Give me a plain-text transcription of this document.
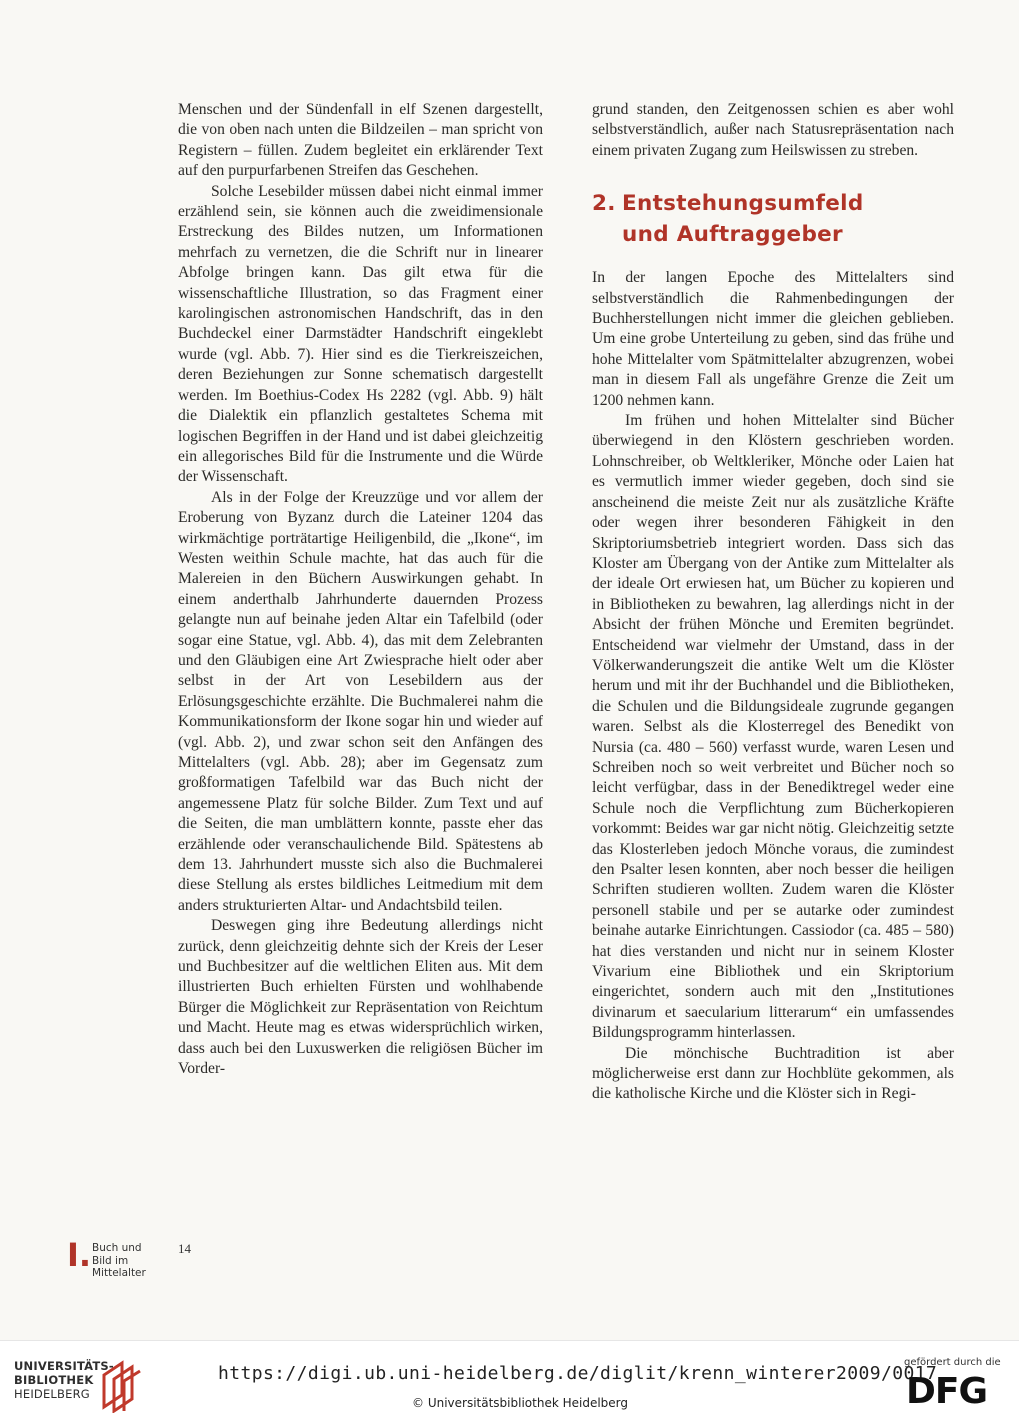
Menschen und der Sündenfall in elf Szenen dargestellt, die von oben nach unten die Bildzeilen – man spricht von Registern – füllen. Zudem begleitet ein erklärender Text auf den purpurfarbenen Streifen das Geschehen.

Solche Lesebilder müssen dabei nicht einmal immer erzählend sein, sie können auch die zweidimensionale Erstreckung des Bildes nutzen, um Informationen mehrfach zu vernetzen, die die Schrift nur in linearer Abfolge bringen kann. Das gilt etwa für die wissenschaftliche Illustration, so das Fragment einer karolingischen astronomischen Handschrift, das in den Buchdeckel einer Darmstädter Handschrift eingeklebt wurde (vgl. Abb. 7). Hier sind es die Tierkreiszeichen, deren Beziehungen zur Sonne schematisch dargestellt werden. Im Boethius-Codex Hs 2282 (vgl. Abb. 9) hält die Dialektik ein pflanzlich gestaltetes Schema mit logischen Begriffen in der Hand und ist dabei gleichzeitig ein allegorisches Bild für die Instrumente und die Würde der Wissenschaft.

Als in der Folge der Kreuzzüge und vor allem der Eroberung von Byzanz durch die Lateiner 1204 das wirkmächtige porträtartige Heiligenbild, die „Ikone“, im Westen weithin Schule machte, hat das auch für die Malereien in den Büchern Auswirkungen gehabt. In einem anderthalb Jahrhunderte dauernden Prozess gelangte nun auf beinahe jeden Altar ein Tafelbild (oder sogar eine Statue, vgl. Abb. 4), das mit dem Zelebranten und den Gläubigen eine Art Zwiesprache hielt oder aber selbst in der Art von Lesebildern aus der Erlösungsgeschichte erzählte. Die Buchmalerei nahm die Kommunikationsform der Ikone sogar hin und wieder auf (vgl. Abb. 2), und zwar schon seit den Anfängen des Mittelalters (vgl. Abb. 28); aber im Gegensatz zum großformatigen Tafelbild war das Buch nicht der angemessene Platz für solche Bilder. Zum Text und auf die Seiten, die man umblättern konnte, passte eher das erzählende oder veranschaulichende Bild. Spätestens ab dem 13. Jahrhundert musste sich also die Buchmalerei diese Stellung als erstes bildliches Leitmedium mit dem anders strukturierten Altar- und Andachtsbild teilen.

Deswegen ging ihre Bedeutung allerdings nicht zurück, denn gleichzeitig dehnte sich der Kreis der Leser und Buchbesitzer auf die weltlichen Eliten aus. Mit dem illustrierten Buch erhielten Fürsten und wohlhabende Bürger die Möglichkeit zur Repräsentation von Reichtum und Macht. Heute mag es etwas widersprüchlich wirken, dass auch bei den Luxuswerken die religiösen Bücher im Vorder-

grund standen, den Zeitgenossen schien es aber wohl selbstverständlich, außer nach Statusrepräsentation nach einem privaten Zugang zum Heilswissen zu streben.

2. Entstehungsumfeld
und Auftraggeber

In der langen Epoche des Mittelalters sind selbstverständlich die Rahmenbedingungen der Buchherstellungen nicht immer die gleichen geblieben. Um eine grobe Unterteilung zu geben, sind das frühe und hohe Mittelalter vom Spätmittelalter abzugrenzen, wobei man in diesem Fall als ungefähre Grenze die Zeit um 1200 nehmen kann.

Im frühen und hohen Mittelalter sind Bücher überwiegend in den Klöstern geschrieben worden. Lohnschreiber, ob Weltkleriker, Mönche oder Laien hat es vermutlich immer wieder gegeben, doch sind sie anscheinend die meiste Zeit nur als zusätzliche Kräfte oder wegen ihrer besonderen Fähigkeit in den Skriptoriumsbetrieb integriert worden. Dass sich das Kloster am Übergang von der Antike zum Mittelalter als der ideale Ort erwiesen hat, um Bücher zu kopieren und in Bibliotheken zu bewahren, lag allerdings nicht in der Absicht der frühen Mönche und Eremiten begründet. Entscheidend war vielmehr der Umstand, dass in der Völkerwanderungszeit die antike Welt um die Klöster herum und mit ihr der Buchhandel und die Bibliotheken, die Schulen und die Bildungsideale zugrunde gegangen waren. Selbst als die Klosterregel des Benedikt von Nursia (ca. 480 – 560) verfasst wurde, waren Lesen und Schreiben noch so weit verbreitet und Bücher noch so leicht verfügbar, dass in der Benediktregel weder eine Schule noch die Verpflichtung zum Bücherkopieren vorkommt: Beides war gar nicht nötig. Gleichzeitig setzte das Klosterleben jedoch Mönche voraus, die zumindest den Psalter lesen konnten, aber noch besser die heiligen Schriften studieren wollten. Zudem waren die Klöster personell stabile und per se autarke oder zumindest beinahe autarke Einrichtungen. Cassiodor (ca. 485 – 580) hat dies verstanden und nicht nur in seinem Kloster Vivarium eine Bibliothek und ein Skriptorium eingerichtet, sondern auch mit den „Institutiones divinarum et saecularium litterarum“ ein umfassendes Bildungsprogramm hinterlassen.

Die mönchische Buchtradition ist aber möglicherweise erst dann zur Hochblüte gekommen, als die katholische Kirche und die Klöster sich in Regi-

I. Buch und
Bild im
Mittelalter
14
UNIVERSITÄTS-
BIBLIOTHEK
HEIDELBERG
https://digi.ub.uni-heidelberg.de/diglit/krenn_winterer2009/0017
© Universitätsbibliothek Heidelberg
gefördert durch die
DFG
